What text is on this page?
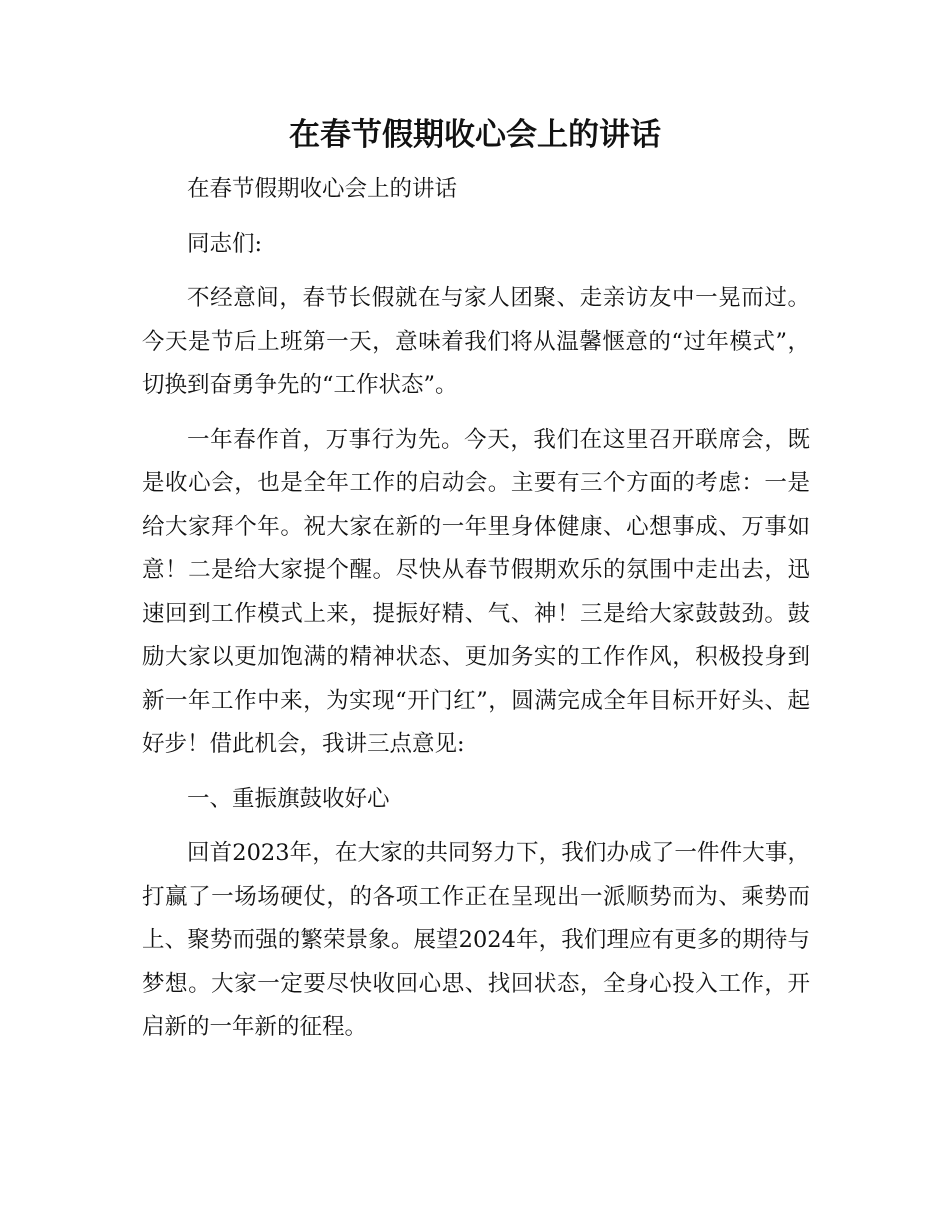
在春节假期收心会上的讲话

在春节假期收心会上的讲话

同志们:

不经意间，春节长假就在与家人团聚、走亲访友中一晃而过。今天是节后上班第一天，意味着我们将从温馨惬意的“过年模式”，切换到奋勇争先的“工作状态”。

一年春作首，万事行为先。今天，我们在这里召开联席会，既是收心会，也是全年工作的启动会。主要有三个方面的考虑：一是给大家拜个年。祝大家在新的一年里身体健康、心想事成、万事如意！二是给大家提个醒。尽快从春节假期欢乐的氛围中走出去，迅速回到工作模式上来，提振好精、气、神！三是给大家鼓鼓劲。鼓励大家以更加饱满的精神状态、更加务实的工作作风，积极投身到新一年工作中来，为实现“开门红”，圆满完成全年目标开好头、起好步！借此机会，我讲三点意见:

一、重振旗鼓收好心

回首2023年，在大家的共同努力下，我们办成了一件件大事，打赢了一场场硬仗，的各项工作正在呈现出一派顺势而为、乘势而上、聚势而强的繁荣景象。展望2024年，我们理应有更多的期待与梦想。大家一定要尽快收回心思、找回状态，全身心投入工作，开启新的一年新的征程。
